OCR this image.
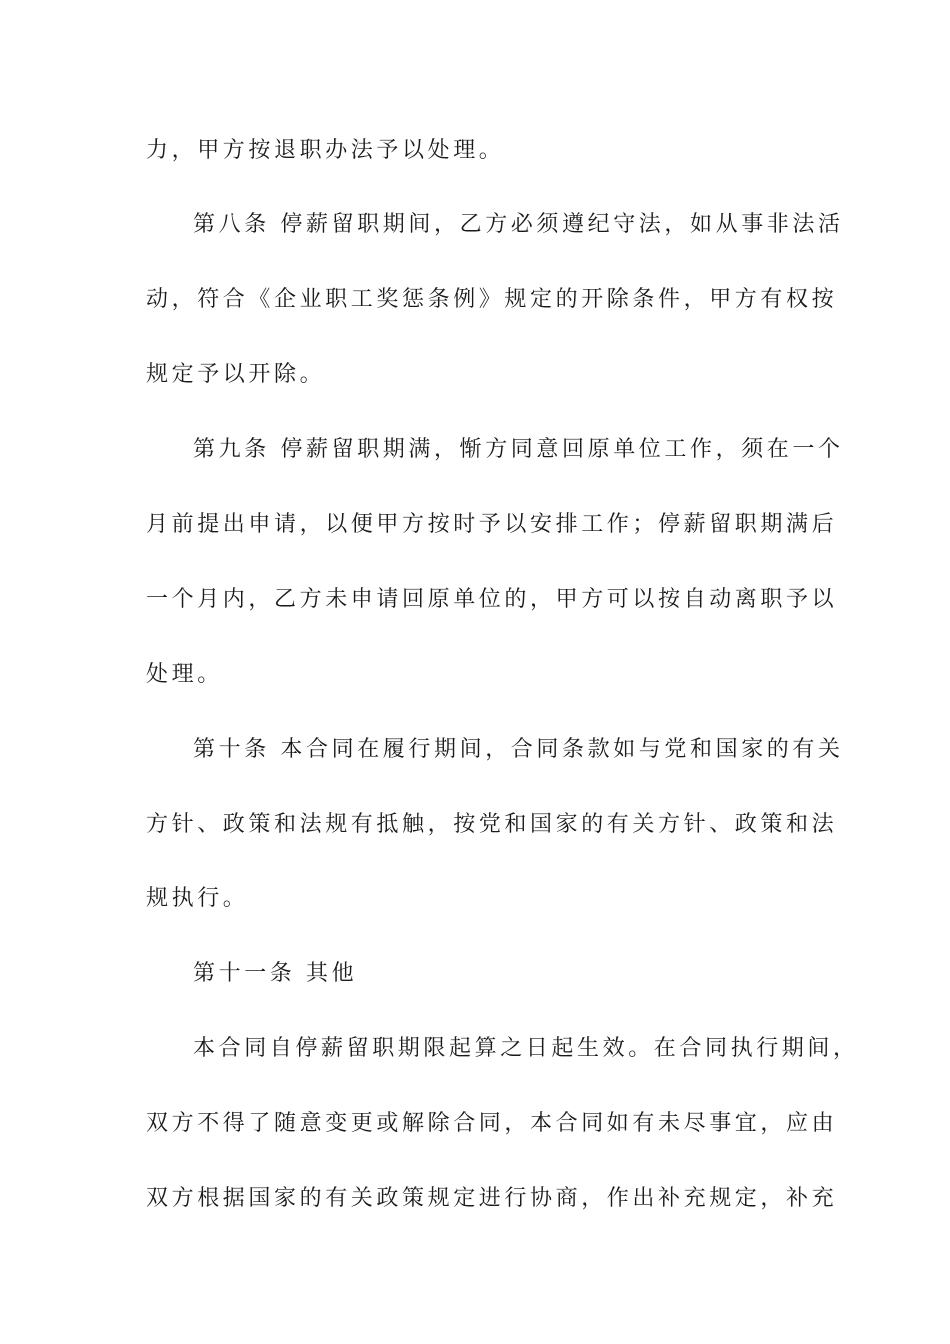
力，甲方按退职办法予以处理。
第八条 停薪留职期间，乙方必须遵纪守法，如从事非法活
动，符合《企业职工奖惩条例》规定的开除条件，甲方有权按
规定予以开除。
第九条 停薪留职期满，惭方同意回原单位工作，须在一个
月前提出申请，以便甲方按时予以安排工作；停薪留职期满后
一个月内，乙方未申请回原单位的，甲方可以按自动离职予以
处理。
第十条 本合同在履行期间，合同条款如与党和国家的有关
方针、政策和法规有抵触，按党和国家的有关方针、政策和法
规执行。
第十一条 其他
本合同自停薪留职期限起算之日起生效。在合同执行期间，
双方不得了随意变更或解除合同，本合同如有未尽事宜，应由
双方根据国家的有关政策规定进行协商，作出补充规定，补充
